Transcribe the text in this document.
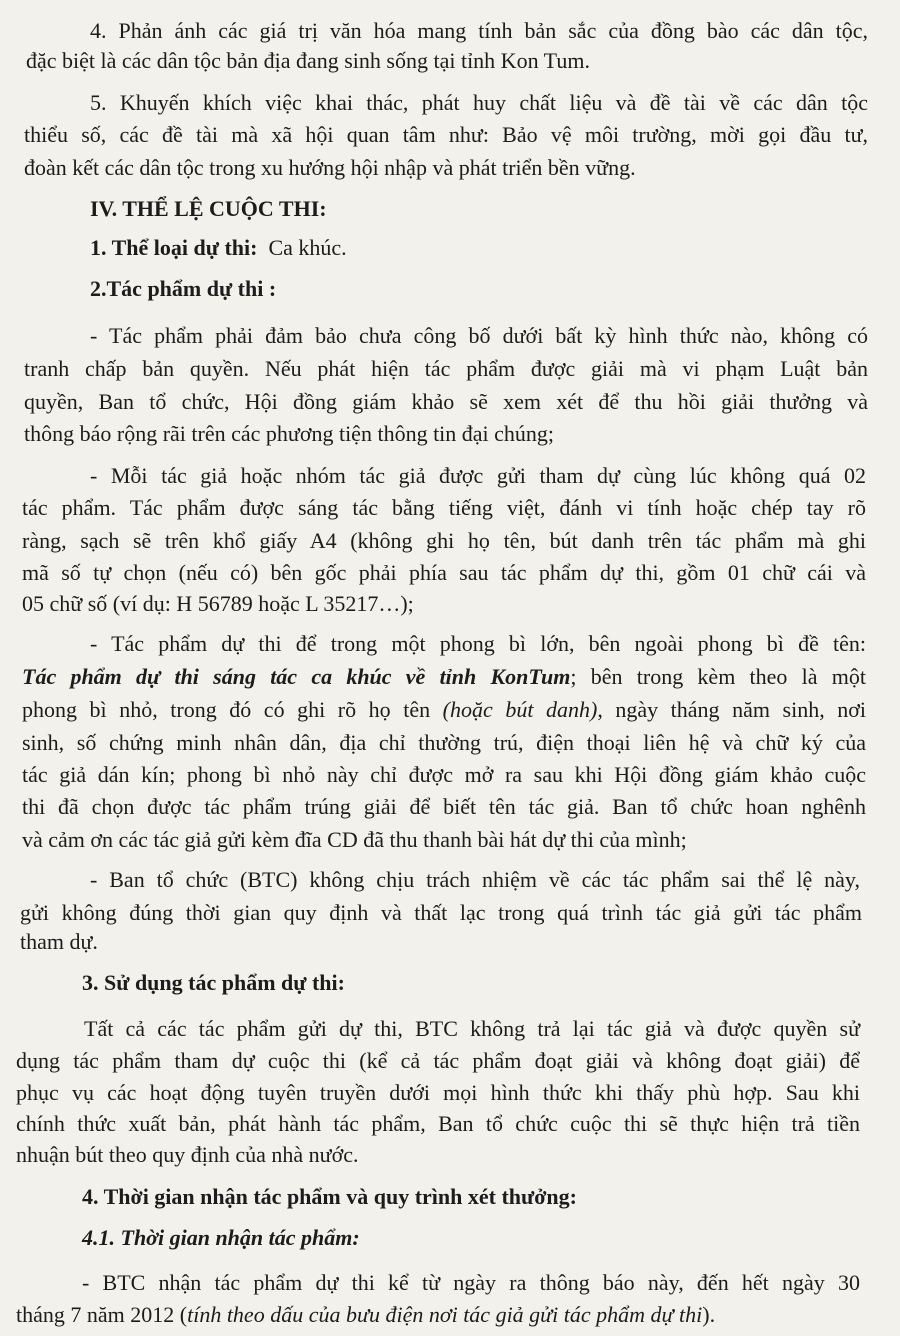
4. Phản ánh các giá trị văn hóa mang tính bản sắc của đồng bào các dân tộc,
đặc biệt là các dân tộc bản địa đang sinh sống tại tỉnh Kon Tum.
5. Khuyến khích việc khai thác, phát huy chất liệu và đề tài về các dân tộc
thiểu số, các đề tài mà xã hội quan tâm như: Bảo vệ môi trường, mời gọi đầu tư,
đoàn kết các dân tộc trong xu hướng hội nhập và phát triển bền vững.
IV. THỂ LỆ CUỘC THI:
1. Thể loại dự thi: Ca khúc.
2.Tác phẩm dự thi :
- Tác phẩm phải đảm bảo chưa công bố dưới bất kỳ hình thức nào, không có
tranh chấp bản quyền. Nếu phát hiện tác phẩm được giải mà vi phạm Luật bản
quyền, Ban tổ chức, Hội đồng giám khảo sẽ xem xét để thu hồi giải thưởng và
thông báo rộng rãi trên các phương tiện thông tin đại chúng;
- Mỗi tác giả hoặc nhóm tác giả được gửi tham dự cùng lúc không quá 02
tác phẩm. Tác phẩm được sáng tác bằng tiếng việt, đánh vi tính hoặc chép tay rõ
ràng, sạch sẽ trên khổ giấy A4 (không ghi họ tên, bút danh trên tác phẩm mà ghi
mã số tự chọn (nếu có) bên gốc phải phía sau tác phẩm dự thi, gồm 01 chữ cái và
05 chữ số (ví dụ: H 56789 hoặc L 35217…);
- Tác phẩm dự thi để trong một phong bì lớn, bên ngoài phong bì đề tên:
Tác phẩm dự thi sáng tác ca khúc về tỉnh KonTum; bên trong kèm theo là một
phong bì nhỏ, trong đó có ghi rõ họ tên (hoặc bút danh), ngày tháng năm sinh, nơi
sinh, số chứng minh nhân dân, địa chỉ thường trú, điện thoại liên hệ và chữ ký của
tác giả dán kín; phong bì nhỏ này chỉ được mở ra sau khi Hội đồng giám khảo cuộc
thi đã chọn được tác phẩm trúng giải để biết tên tác giả. Ban tổ chức hoan nghênh
và cảm ơn các tác giả gửi kèm đĩa CD đã thu thanh bài hát dự thi của mình;
- Ban tổ chức (BTC) không chịu trách nhiệm về các tác phẩm sai thể lệ này,
gửi không đúng thời gian quy định và thất lạc trong quá trình tác giả gửi tác phẩm
tham dự.
3. Sử dụng tác phẩm dự thi:
Tất cả các tác phẩm gửi dự thi, BTC không trả lại tác giả và được quyền sử
dụng tác phẩm tham dự cuộc thi (kể cả tác phẩm đoạt giải và không đoạt giải) để
phục vụ các hoạt động tuyên truyền dưới mọi hình thức khi thấy phù hợp. Sau khi
chính thức xuất bản, phát hành tác phẩm, Ban tổ chức cuộc thi sẽ thực hiện trả tiền
nhuận bút theo quy định của nhà nước.
4. Thời gian nhận tác phẩm và quy trình xét thưởng:
4.1. Thời gian nhận tác phẩm:
- BTC nhận tác phẩm dự thi kể từ ngày ra thông báo này, đến hết ngày 30
tháng 7 năm 2012 (tính theo dấu của bưu điện nơi tác giả gửi tác phẩm dự thi).
